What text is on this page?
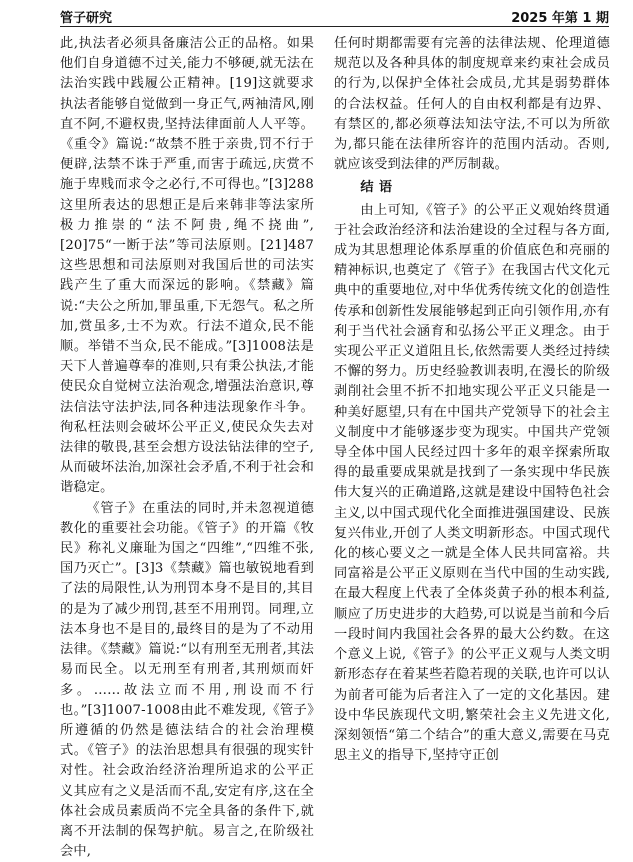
管子研究	2025 年第 1 期

此,执法者必须具备廉洁公正的品格。如果他们自身道德不过关,能力不够硬,就无法在法治实践中践履公正精神。[19]这就要求执法者能够自觉做到一身正气,两袖清风,刚直不阿,不避权贵,坚持法律面前人人平等。《重令》篇说:“故禁不胜于亲贵,罚不行于便辟,法禁不诛于严重,而害于疏远,庆赏不施于卑贱而求令之必行,不可得也。”[3]288这里所表达的思想正是后来韩非等法家所极力推崇的“法不阿贵,绳不挠曲”,[20]75“一断于法”等司法原则。[21]487这些思想和司法原则对我国后世的司法实践产生了重大而深远的影响。《禁藏》篇说:“夫公之所加,罪虽重,下无怨气。私之所加,赏虽多,士不为欢。行法不道众,民不能顺。举错不当众,民不能成。”[3]1008法是天下人普遍尊奉的准则,只有秉公执法,才能使民众自觉树立法治观念,增强法治意识,尊法信法守法护法,同各种违法现象作斗争。徇私枉法则会破坏公平正义,使民众失去对法律的敬畏,甚至会想方设法钻法律的空子,从而破坏法治,加深社会矛盾,不利于社会和谐稳定。

《管子》在重法的同时,并未忽视道德教化的重要社会功能。《管子》的开篇《牧民》称礼义廉耻为国之“四维”,“四维不张,国乃灭亡”。[3]3《禁藏》篇也敏锐地看到了法的局限性,认为刑罚本身不是目的,其目的是为了减少刑罚,甚至不用刑罚。同理,立法本身也不是目的,最终目的是为了不动用法律。《禁藏》篇说:“以有刑至无刑者,其法易而民全。以无刑至有刑者,其刑烦而奸多。……故法立而不用,刑设而不行也。”[3]1007-1008由此不难发现,《管子》所遵循的仍然是德法结合的社会治理模式。《管子》的法治思想具有很强的现实针对性。社会政治经济治理所追求的公平正义其应有之义是活而不乱,安定有序,这在全体社会成员素质尚不完全具备的条件下,就离不开法制的保驾护航。易言之,在阶级社会中,

任何时期都需要有完善的法律法规、伦理道德规范以及各种具体的制度规章来约束社会成员的行为,以保护全体社会成员,尤其是弱势群体的合法权益。任何人的自由权利都是有边界、有禁区的,都必须尊法知法守法,不可以为所欲为,都只能在法律所容许的范围内活动。否则,就应该受到法律的严厉制裁。

结语

由上可知,《管子》的公平正义观始终贯通于社会政治经济和法治建设的全过程与各方面,成为其思想理论体系厚重的价值底色和亮丽的精神标识,也奠定了《管子》在我国古代文化元典中的重要地位,对中华优秀传统文化的创造性传承和创新性发展能够起到正向引领作用,亦有利于当代社会涵育和弘扬公平正义理念。由于实现公平正义道阻且长,依然需要人类经过持续不懈的努力。历史经验教训表明,在漫长的阶级剥削社会里不折不扣地实现公平正义只能是一种美好愿望,只有在中国共产党领导下的社会主义制度中才能够逐步变为现实。中国共产党领导全体中国人民经过四十多年的艰辛探索所取得的最重要成果就是找到了一条实现中华民族伟大复兴的正确道路,这就是建设中国特色社会主义,以中国式现代化全面推进强国建设、民族复兴伟业,开创了人类文明新形态。中国式现代化的核心要义之一就是全体人民共同富裕。共同富裕是公平正义原则在当代中国的生动实践,在最大程度上代表了全体炎黄子孙的根本利益,顺应了历史进步的大趋势,可以说是当前和今后一段时间内我国社会各界的最大公约数。在这个意义上说,《管子》的公平正义观与人类文明新形态存在着某些若隐若现的关联,也许可以认为前者可能为后者注入了一定的文化基因。建设中华民族现代文明,繁荣社会主义先进文化,深刻领悟“第二个结合”的重大意义,需要在马克思主义的指导下,坚持守正创
